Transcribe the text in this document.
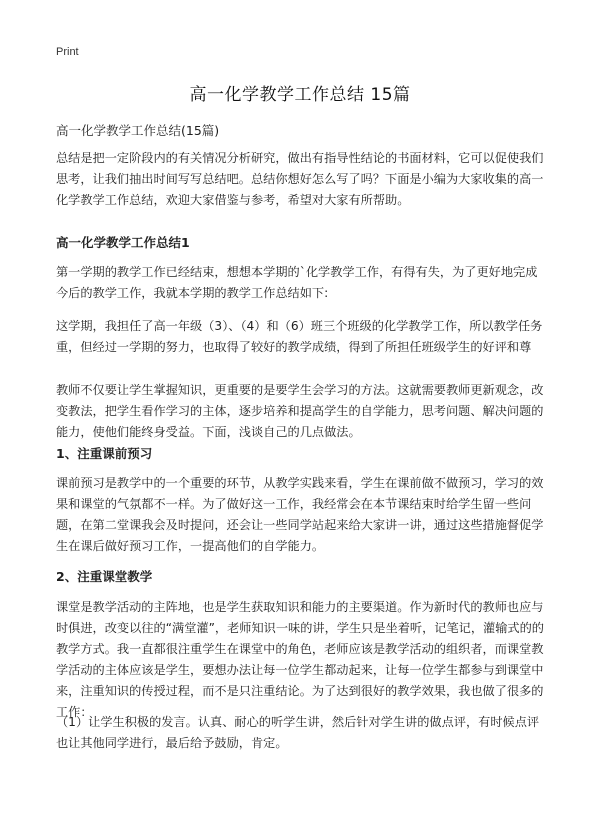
Print
高一化学教学工作总结 15篇

高一化学教学工作总结(15篇)

总结是把一定阶段内的有关情况分析研究，做出有指导性结论的书面材料，它可以促使我们思考，让我们抽出时间写写总结吧。总结你想好怎么写了吗？下面是小编为大家收集的高一化学教学工作总结，欢迎大家借鉴与参考，希望对大家有所帮助。

高一化学教学工作总结1

第一学期的教学工作已经结束，想想本学期的`化学教学工作，有得有失，为了更好地完成今后的教学工作，我就本学期的教学工作总结如下:

这学期，我担任了高一年级（3）、（4）和（6）班三个班级的化学教学工作，所以教学任务重，但经过一学期的努力，也取得了较好的教学成绩，得到了所担任班级学生的好评和尊

教师不仅要让学生掌握知识，更重要的是要学生会学习的方法。这就需要教师更新观念，改变教法，把学生看作学习的主体，逐步培养和提高学生的自学能力，思考问题、解决问题的能力，使他们能终身受益。下面，浅谈自己的几点做法。

1、注重课前预习

课前预习是教学中的一个重要的环节，从教学实践来看，学生在课前做不做预习，学习的效果和课堂的气氛都不一样。为了做好这一工作，我经常会在本节课结束时给学生留一些问题，在第二堂课我会及时提问，还会让一些同学站起来给大家讲一讲，通过这些措施督促学生在课后做好预习工作，一提高他们的自学能力。

2、注重课堂教学

课堂是教学活动的主阵地，也是学生获取知识和能力的主要渠道。作为新时代的教师也应与时俱进，改变以往的“满堂灌”，老师知识一味的讲，学生只是坐着听，记笔记，灌输式的的教学方式。我一直都很注重学生在课堂中的角色，老师应该是教学活动的组织者，而课堂教学活动的主体应该是学生，要想办法让每一位学生都动起来，让每一位学生都参与到课堂中来，注重知识的传授过程，而不是只注重结论。为了达到很好的教学效果，我也做了很多的工作：

（1）让学生积极的发言。认真、耐心的听学生讲，然后针对学生讲的做点评，有时候点评也让其他同学进行，最后给予鼓励，肯定。
